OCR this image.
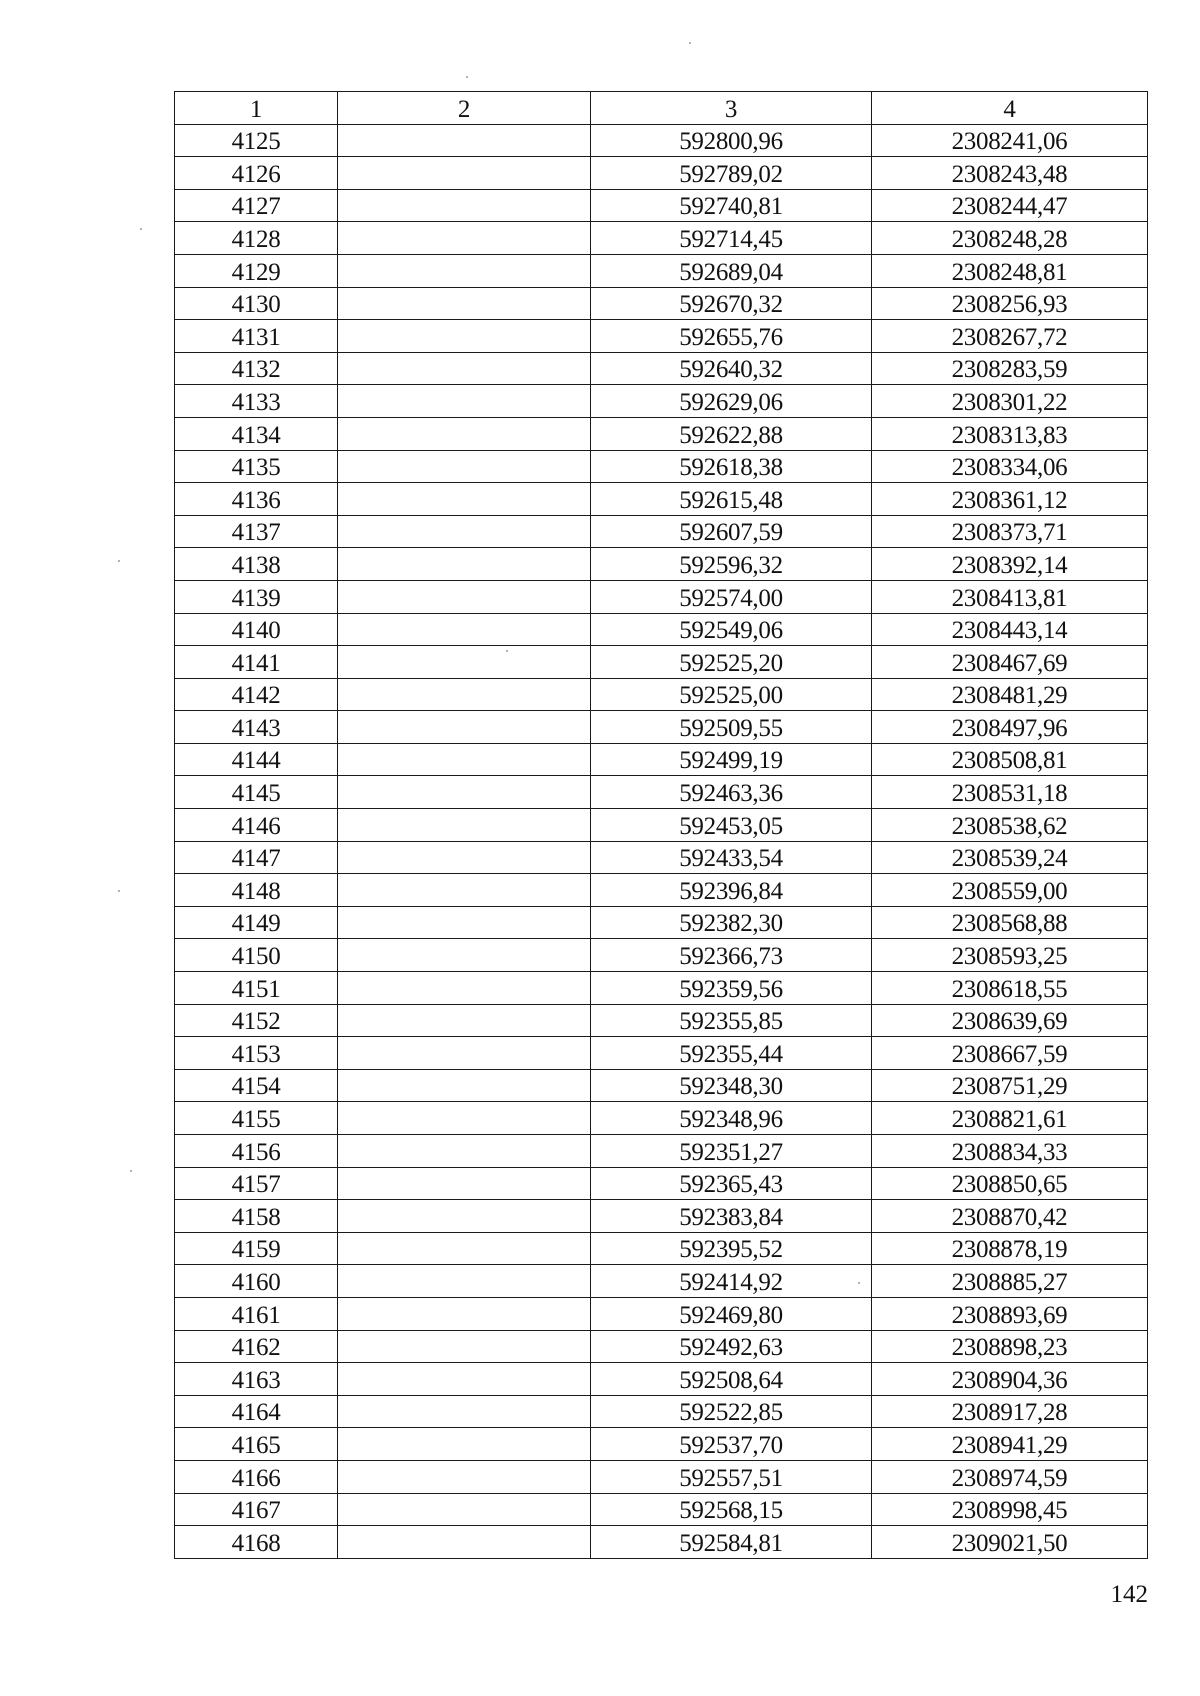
1	2	3	4
4125		592800,96	2308241,06
4126		592789,02	2308243,48
4127		592740,81	2308244,47
4128		592714,45	2308248,28
4129		592689,04	2308248,81
4130		592670,32	2308256,93
4131		592655,76	2308267,72
4132		592640,32	2308283,59
4133		592629,06	2308301,22
4134		592622,88	2308313,83
4135		592618,38	2308334,06
4136		592615,48	2308361,12
4137		592607,59	2308373,71
4138		592596,32	2308392,14
4139		592574,00	2308413,81
4140		592549,06	2308443,14
4141		592525,20	2308467,69
4142		592525,00	2308481,29
4143		592509,55	2308497,96
4144		592499,19	2308508,81
4145		592463,36	2308531,18
4146		592453,05	2308538,62
4147		592433,54	2308539,24
4148		592396,84	2308559,00
4149		592382,30	2308568,88
4150		592366,73	2308593,25
4151		592359,56	2308618,55
4152		592355,85	2308639,69
4153		592355,44	2308667,59
4154		592348,30	2308751,29
4155		592348,96	2308821,61
4156		592351,27	2308834,33
4157		592365,43	2308850,65
4158		592383,84	2308870,42
4159		592395,52	2308878,19
4160		592414,92	2308885,27
4161		592469,80	2308893,69
4162		592492,63	2308898,23
4163		592508,64	2308904,36
4164		592522,85	2308917,28
4165		592537,70	2308941,29
4166		592557,51	2308974,59
4167		592568,15	2308998,45
4168		592584,81	2309021,50
142
